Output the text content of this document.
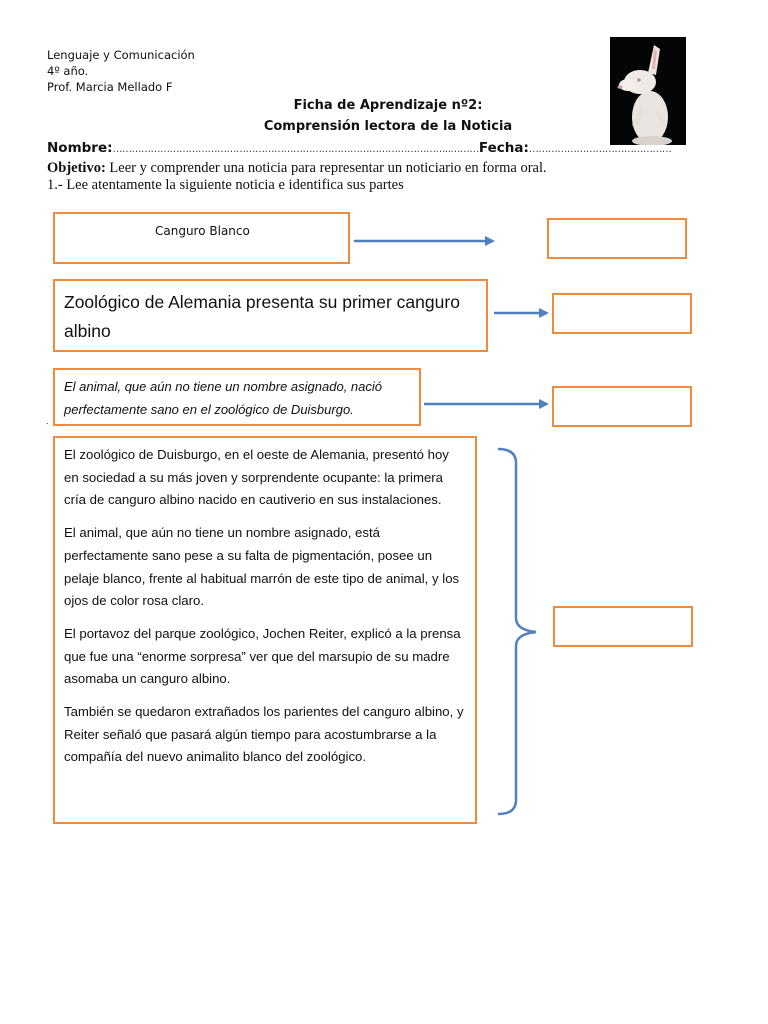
Lenguaje y Comunicación
4º año.
Prof. Marcia Mellado F
Ficha de Aprendizaje nº2:
Comprensión lectora de la Noticia
Nombre:……………………………………………………………………………………………..………Fecha:………………………………………
Objetivo: Leer y comprender una noticia para representar un noticiario en forma oral.
1.- Lee atentamente la siguiente noticia e identifica sus partes
Canguro Blanco
Zoológico de Alemania presenta su primer canguro albino
El animal, que aún no tiene un nombre asignado, nació perfectamente sano en el zoológico de Duisburgo.
.

El zoológico de Duisburgo, en el oeste de Alemania, presentó hoy en sociedad a su más joven y sorprendente ocupante: la primera cría de canguro albino nacido en cautiverio en sus instalaciones.

El animal, que aún no tiene un nombre asignado, está perfectamente sano pese a su falta de pigmentación, posee un pelaje blanco, frente al habitual marrón de este tipo de animal, y los ojos de color rosa claro.

El portavoz del parque zoológico, Jochen Reiter, explicó a la prensa que fue una “enorme sorpresa” ver que del marsupio de su madre asomaba un canguro albino.

También se quedaron extrañados los parientes del canguro albino, y Reiter señaló que pasará algún tiempo para acostumbrarse a la compañía del nuevo animalito blanco del zoológico.
